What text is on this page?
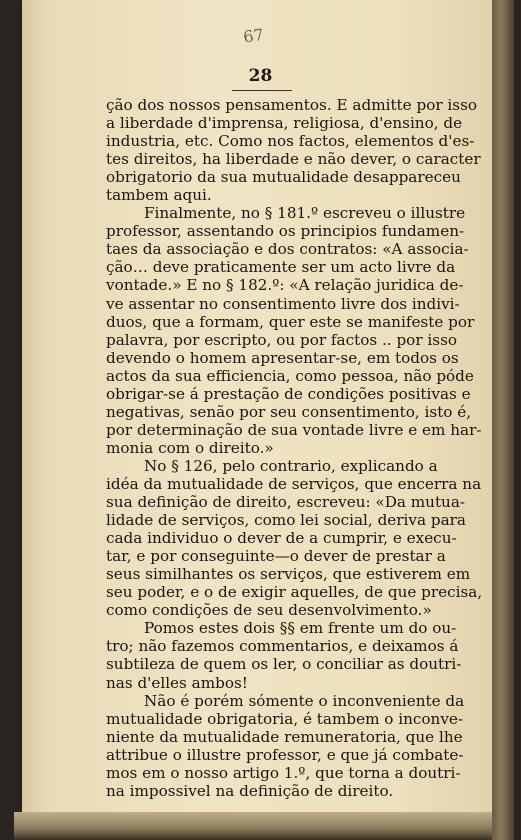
67
28
ção dos nossos pensamentos. E admitte por isso
a liberdade d'imprensa, religiosa, d'ensino, de
industria, etc. Como nos factos, elementos d'es-
tes direitos, ha liberdade e não dever, o caracter
obrigatorio da sua mutualidade desappareceu
tambem aqui.
Finalmente, no § 181.º escreveu o illustre
professor, assentando os principios fundamen-
taes da associação e dos contratos: «A associa-
ção… deve praticamente ser um acto livre da
vontade.» E no § 182.º: «A relação juridica de-
ve assentar no consentimento livre dos indivi-
duos, que a formam, quer este se manifeste por
palavra, por escripto, ou por factos .. por isso
devendo o homem apresentar-se, em todos os
actos da sua efficiencia, como pessoa, não póde
obrigar-se á prestação de condições positivas e
negativas, senão por seu consentimento, isto é,
por determinação de sua vontade livre e em har-
monia com o direito.»
No § 126, pelo contrario, explicando a
idéa da mutualidade de serviços, que encerra na
sua definição de direito, escreveu: «Da mutua-
lidade de serviços, como lei social, deriva para
cada individuo o dever de a cumprir, e execu-
tar, e por conseguinte—o dever de prestar a
seus similhantes os serviços, que estiverem em
seu poder, e o de exigir aquelles, de que precisa,
como condições de seu desenvolvimento.»
Pomos estes dois §§ em frente um do ou-
tro; não fazemos commentarios, e deixamos á
subtileza de quem os ler, o conciliar as doutri-
nas d'elles ambos!
Não é porém sómente o inconveniente da
mutualidade obrigatoria, é tambem o inconve-
niente da mutualidade remuneratoria, que lhe
attribue o illustre professor, e que já combate-
mos em o nosso artigo 1.º, que torna a doutri-
na impossivel na definição de direito.
